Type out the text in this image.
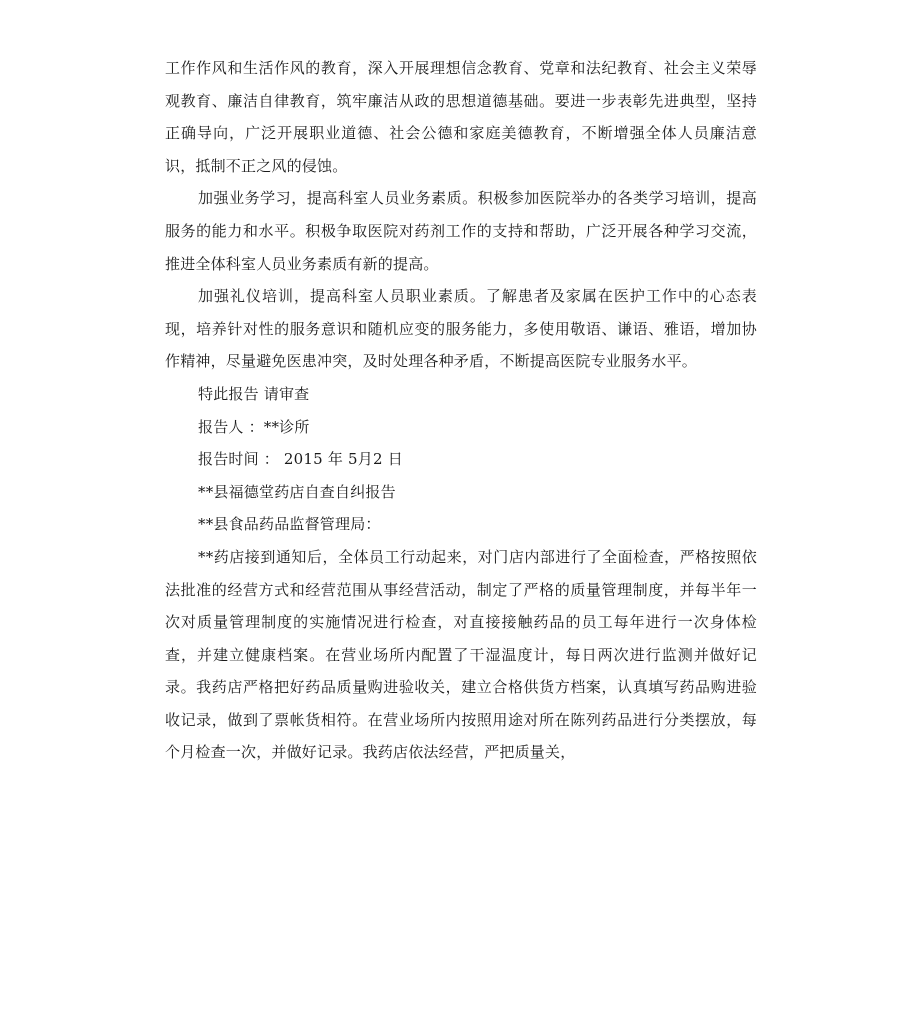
工作作风和生活作风的教育，深入开展理想信念教育、党章和法纪教育、社会主义荣辱观教育、廉洁自律教育，筑牢廉洁从政的思想道德基础。要进一步表彰先进典型，坚持正确导向，广泛开展职业道德、社会公德和家庭美德教育，不断增强全体人员廉洁意识，抵制不正之风的侵蚀。

加强业务学习，提高科室人员业务素质。积极参加医院举办的各类学习培训，提高服务的能力和水平。积极争取医院对药剂工作的支持和帮助，广泛开展各种学习交流，推进全体科室人员业务素质有新的提高。

加强礼仪培训，提高科室人员职业素质。了解患者及家属在医护工作中的心态表现，培养针对性的服务意识和随机应变的服务能力，多使用敬语、谦语、雅语，增加协作精神，尽量避免医患冲突，及时处理各种矛盾，不断提高医院专业服务水平。

特此报告 请审查

报告人 ：**诊所

报告时间 ： 2015 年 5月2 日

**县福德堂药店自查自纠报告

**县食品药品监督管理局：

**药店接到通知后，全体员工行动起来，对门店内部进行了全面检查，严格按照依法批准的经营方式和经营范围从事经营活动，制定了严格的质量管理制度，并每半年一次对质量管理制度的实施情况进行检查，对直接接触药品的员工每年进行一次身体检查，并建立健康档案。在营业场所内配置了干湿温度计，每日两次进行监测并做好记录。我药店严格把好药品质量购进验收关，建立合格供货方档案，认真填写药品购进验收记录，做到了票帐货相符。在营业场所内按照用途对所在陈列药品进行分类摆放，每个月检查一次，并做好记录。我药店依法经营，严把质量关，
